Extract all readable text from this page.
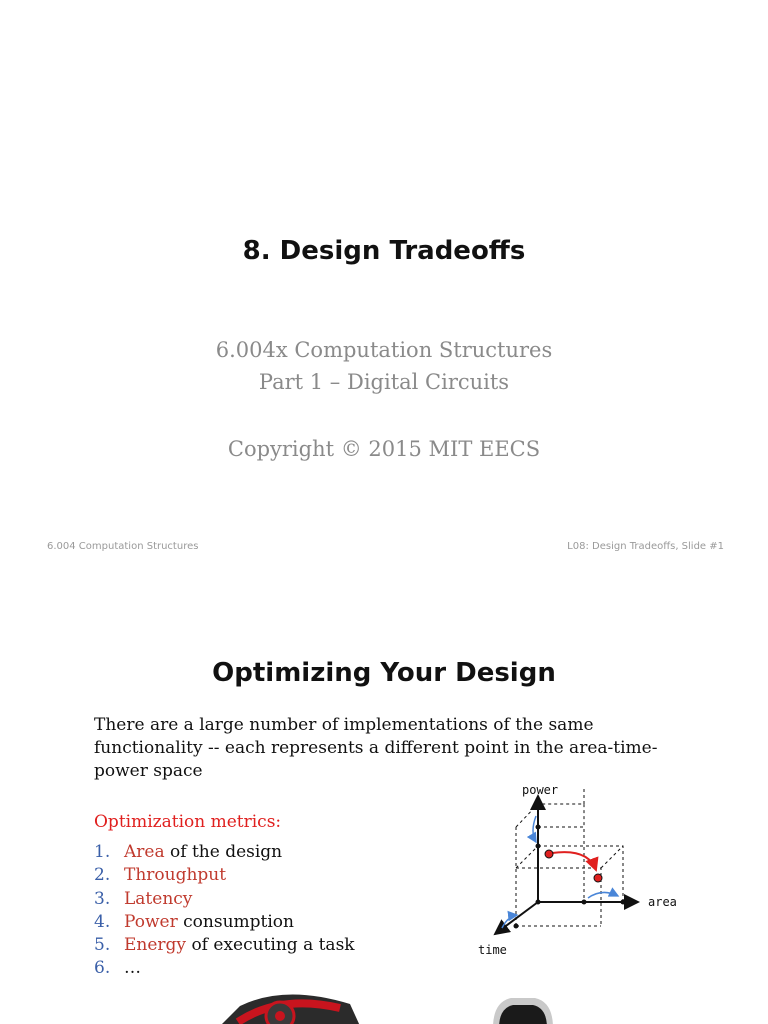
8. Design Tradeoffs
6.004x Computation Structures
Part 1 – Digital Circuits
Copyright © 2015 MIT EECS
6.004 Computation Structures	L08: Design Tradeoffs, Slide #1
Optimizing Your Design
There are a large number of implementations of the same functionality -- each represents a different point in the area-time-power space
Optimization metrics:
1. Area of the design
2. Throughput
3. Latency
4. Power consumption
5. Energy of executing a task
6. …
power
area
time
